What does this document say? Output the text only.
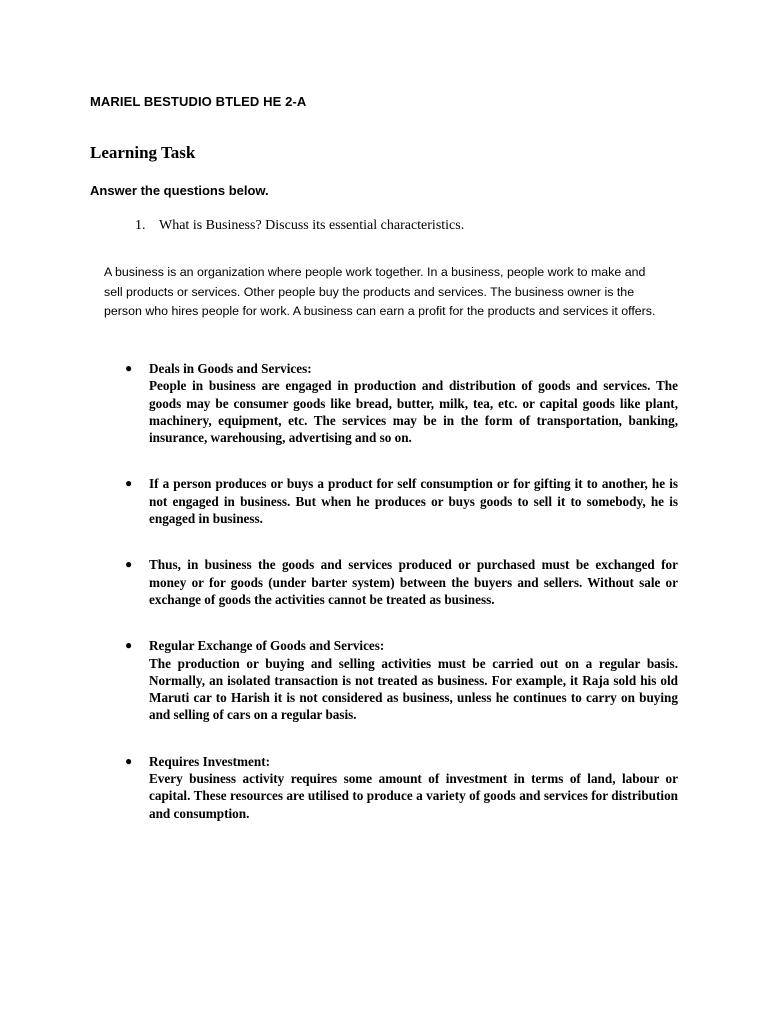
MARIEL BESTUDIO BTLED HE 2-A
Learning Task
Answer the questions below.
1. What is Business? Discuss its essential characteristics.

A business is an organization where people work together. In a business, people work to make and sell products or services. Other people buy the products and services. The business owner is the person who hires people for work. A business can earn a profit for the products and services it offers.

● Deals in Goods and Services:
People in business are engaged in production and distribution of goods and services. The goods may be consumer goods like bread, butter, milk, tea, etc. or capital goods like plant, machinery, equipment, etc. The services may be in the form of transportation, banking, insurance, warehousing, advertising and so on.
● If a person produces or buys a product for self consumption or for gifting it to another, he is not engaged in business. But when he produces or buys goods to sell it to somebody, he is engaged in business.
● Thus, in business the goods and services produced or purchased must be exchanged for money or for goods (under barter system) between the buyers and sellers. Without sale or exchange of goods the activities cannot be treated as business.
● Regular Exchange of Goods and Services:
The production or buying and selling activities must be carried out on a regular basis. Normally, an isolated transaction is not treated as business. For example, it Raja sold his old Maruti car to Harish it is not considered as business, unless he continues to carry on buying and selling of cars on a regular basis.
● Requires Investment:
Every business activity requires some amount of investment in terms of land, labour or capital. These resources are utilised to produce a variety of goods and services for distribution and consumption.
